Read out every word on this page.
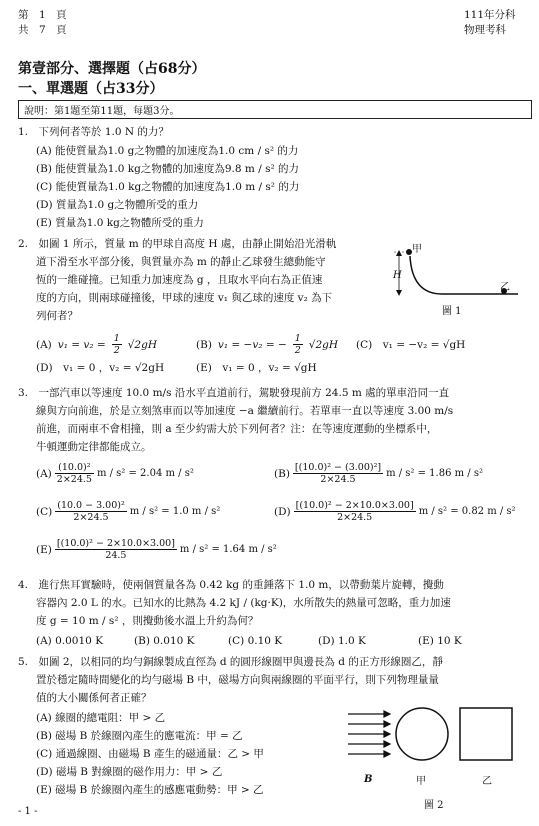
第　1　頁
共　7　頁
111年分科
物理考科
第壹部分、選擇題（占68分）
一、單選題（占33分）
說明：第1題至第11題，每題3分。
1.　下列何者等於 1.0 N 的力？
(A) 能使質量為1.0 g之物體的加速度為1.0 cm / s² 的力
(B) 能使質量為1.0 kg之物體的加速度為9.8 m / s² 的力
(C) 能使質量為1.0 kg之物體的加速度為1.0 m / s² 的力
(D) 質量為1.0 g之物體所受的重力
(E) 質量為1.0 kg之物體所受的重力
2.　如圖 1 所示，質量 m 的甲球自高度 H 處，由靜止開始沿光滑軌
道下滑至水平部分後，與質量亦為 m 的靜止乙球發生總動能守
恆的一維碰撞。已知重力加速度為 g ，且取水平向右為正值速
度的方向，則兩球碰撞後，甲球的速度 v₁ 與乙球的速度 v₂ 為下
列何者？
甲
乙
H
圖 1
(A) $v_1 = v_2 = \frac{1}{2} √2gH$	(B) v₁ = −v₂ = − $\frac{1}{2} √2gH$ (C)　v₁ = −v₂ = √gH
(D)　v₁ = 0 ，v₂ = √2gH	(E)　v₁ = 0 ，v₂ = √gH
3.　一部汽車以等速度 10.0 m/s 沿水平直道前行，駕駛發現前方 24.5 m 處的單車沿同一直
線與方向前進，於是立刻煞車而以等加速度 −a 繼續前行。若單車一直以等速度 3.00 m/s
前進，而兩車不會相撞，則 a 至少約需大於下列何者？注：在等速度運動的坐標系中，
牛頓運動定律都能成立。
$(A) \frac{\text{(10.0)²}}{2\times 24.5}$ m / s² = 2.04 m / s²	$(B) \frac{\text{[(10.0)² − (3.00)²]}}{2\times 24.5}$ m / s² = 1.86 m / s²
$(C) \frac{\text{(10.0 − 3.00)²}}{2\times 24.5}$ m / s² = 1.0 m / s²	$(D) \frac{\text{[(10.0)² − 2×10.0×3.00]}}{2\times 24.5}$ m / s² = 0.82 m / s²
$(E) \frac{\text{[(10.0)² − 2×10.0×3.00]}}{24.5}$ m / s² = 1.64 m / s²
4.　進行焦耳實驗時，使兩個質量各為 0.42 kg 的重錘落下 1.0 m，以帶動葉片旋轉，攪動
容器內 2.0 L 的水。已知水的比熱為 4.2 kJ / (kg·K)，水所散失的熱量可忽略，重力加速
度 g = 10 m / s² ，則攪動後水溫上升約為何？
(A) 0.0010 K	(B) 0.010 K	(C) 0.10 K	(D) 1.0 K	(E) 10 K
5.　如圖 2，以相同的均勻銅線製成直徑為 d 的圓形線圈甲與邊長為 d 的正方形線圈乙，靜
置於穩定隨時間變化的均勻磁場 B 中，磁場方向與兩線圈的平面平行，則下列物理量量
值的大小關係何者正確？
(A) 線圈的總電阻：甲 > 乙
(B) 磁場 B 於線圈內產生的應電流：甲 = 乙
(C) 通過線圈、由磁場 B 產生的磁通量：乙 > 甲
(D) 磁場 B 對線圈的磁作用力：甲 > 乙
(E) 磁場 B 於線圈內產生的感應電動勢：甲 > 乙
B	甲	乙
圖 2
- 1 -
